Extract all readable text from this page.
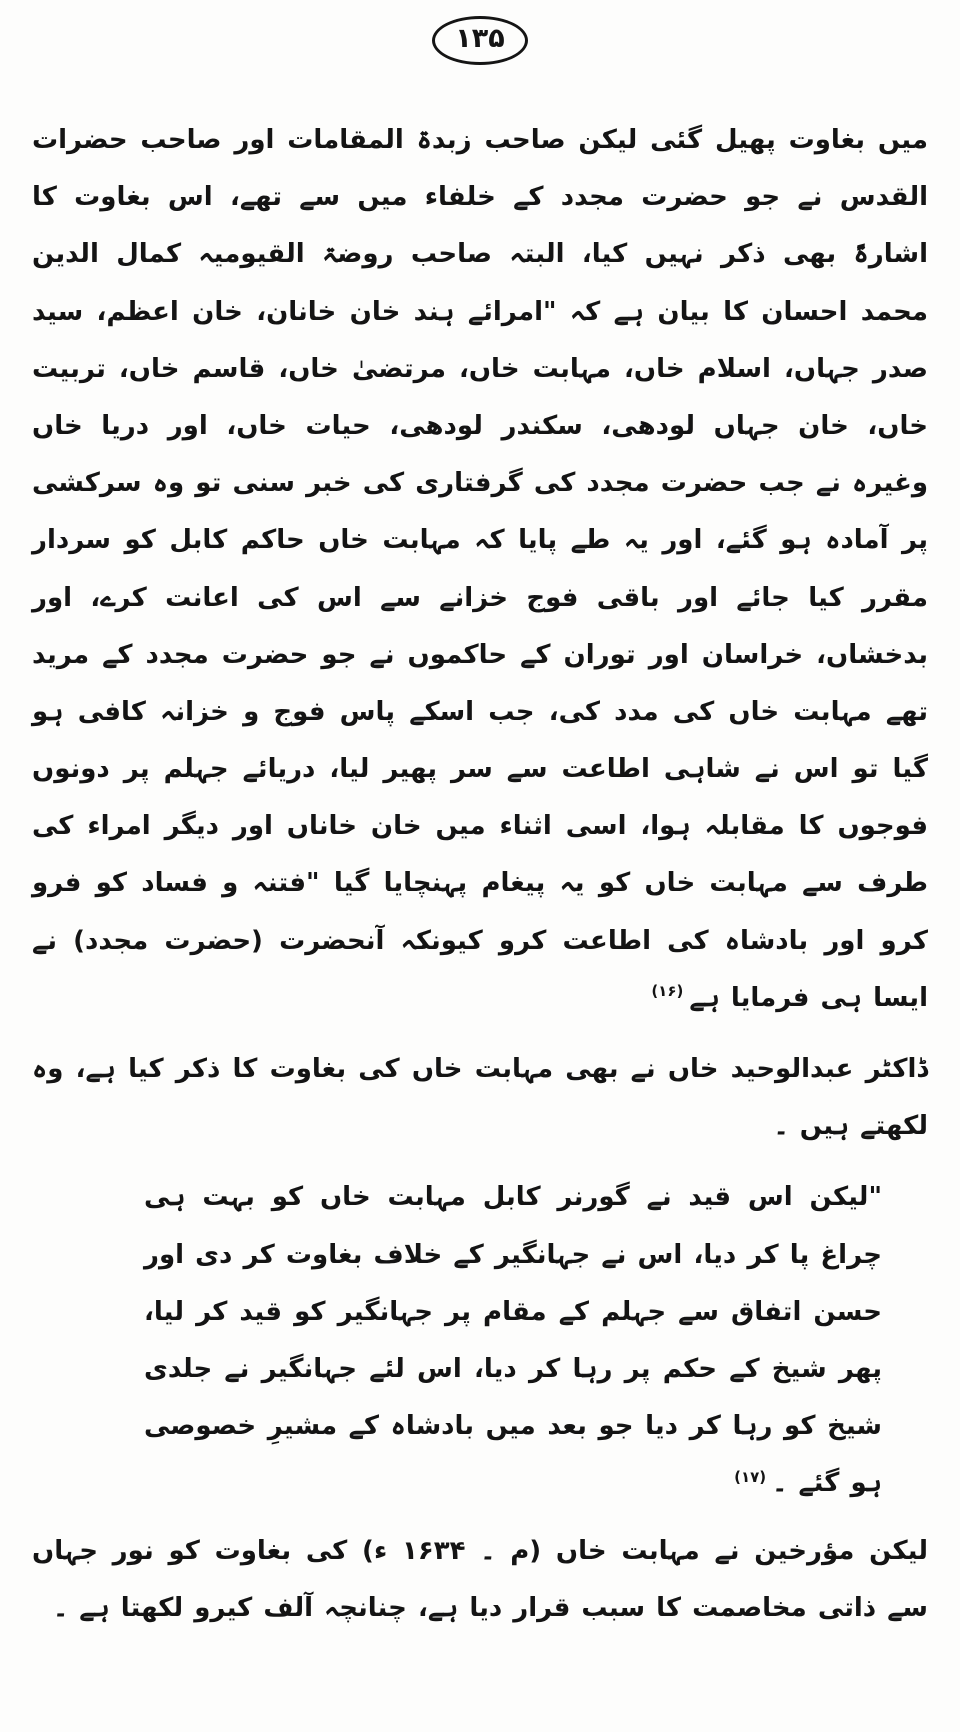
۱۳۵

میں بغاوت پھیل گئی لیکن صاحب زبدۃ المقامات اور صاحب حضرات القدس نے جو حضرت مجدد کے خلفاء میں سے تھے، اس بغاوت کا اشارۃً بھی ذکر نہیں کیا، البتہ صاحب روضۃ القیومیہ کمال الدین محمد احسان کا بیان ہے کہ "امرائے ہند خان خانان، خان اعظم، سید صدر جہاں، اسلام خاں، مہابت خاں، مرتضیٰ خاں، قاسم خاں، تربیت خاں، خان جہاں لودھی، سکندر لودھی، حیات خاں، اور دریا خاں وغیرہ نے جب حضرت مجدد کی گرفتاری کی خبر سنی تو وہ سرکشی پر آمادہ ہو گئے، اور یہ طے پایا کہ مہابت خاں حاکم کابل کو سردار مقرر کیا جائے اور باقی فوج خزانے سے اس کی اعانت کرے، اور بدخشاں، خراسان اور توران کے حاکموں نے جو حضرت مجدد کے مرید تھے مہابت خاں کی مدد کی، جب اسکے پاس فوج و خزانہ کافی ہو گیا تو اس نے شاہی اطاعت سے سر پھیر لیا، دریائے جہلم پر دونوں فوجوں کا مقابلہ ہوا، اسی اثناء میں خان خاناں اور دیگر امراء کی طرف سے مہابت خاں کو یہ پیغام پہنچایا گیا "فتنہ و فساد کو فرو کرو اور بادشاہ کی اطاعت کرو کیونکہ آنحضرت (حضرت مجدد) نے ایسا ہی فرمایا ہے$^{(۱۶)}$

ڈاکٹر عبدالوحید خاں نے بھی مہابت خاں کی بغاوت کا ذکر کیا ہے، وہ لکھتے ہیں ۔

"لیکن اس قید نے گورنر کابل مہابت خاں کو بہت ہی چراغ پا کر دیا، اس نے جہانگیر کے خلاف بغاوت کر دی اور حسن اتفاق سے جہلم کے مقام پر جہانگیر کو قید کر لیا، پھر شیخ کے حکم پر رہا کر دیا، اس لئے جہانگیر نے جلدی شیخ کو رہا کر دیا جو بعد میں بادشاہ کے مشیرِ خصوصی ہو گئے ۔$^{(۱۷)}$

لیکن مؤرخین نے مہابت خاں (م ۔ ۱۶۳۴ ء) کی بغاوت کو نور جہاں سے ذاتی مخاصمت کا سبب قرار دیا ہے، چنانچہ آلف کیرو لکھتا ہے ۔
